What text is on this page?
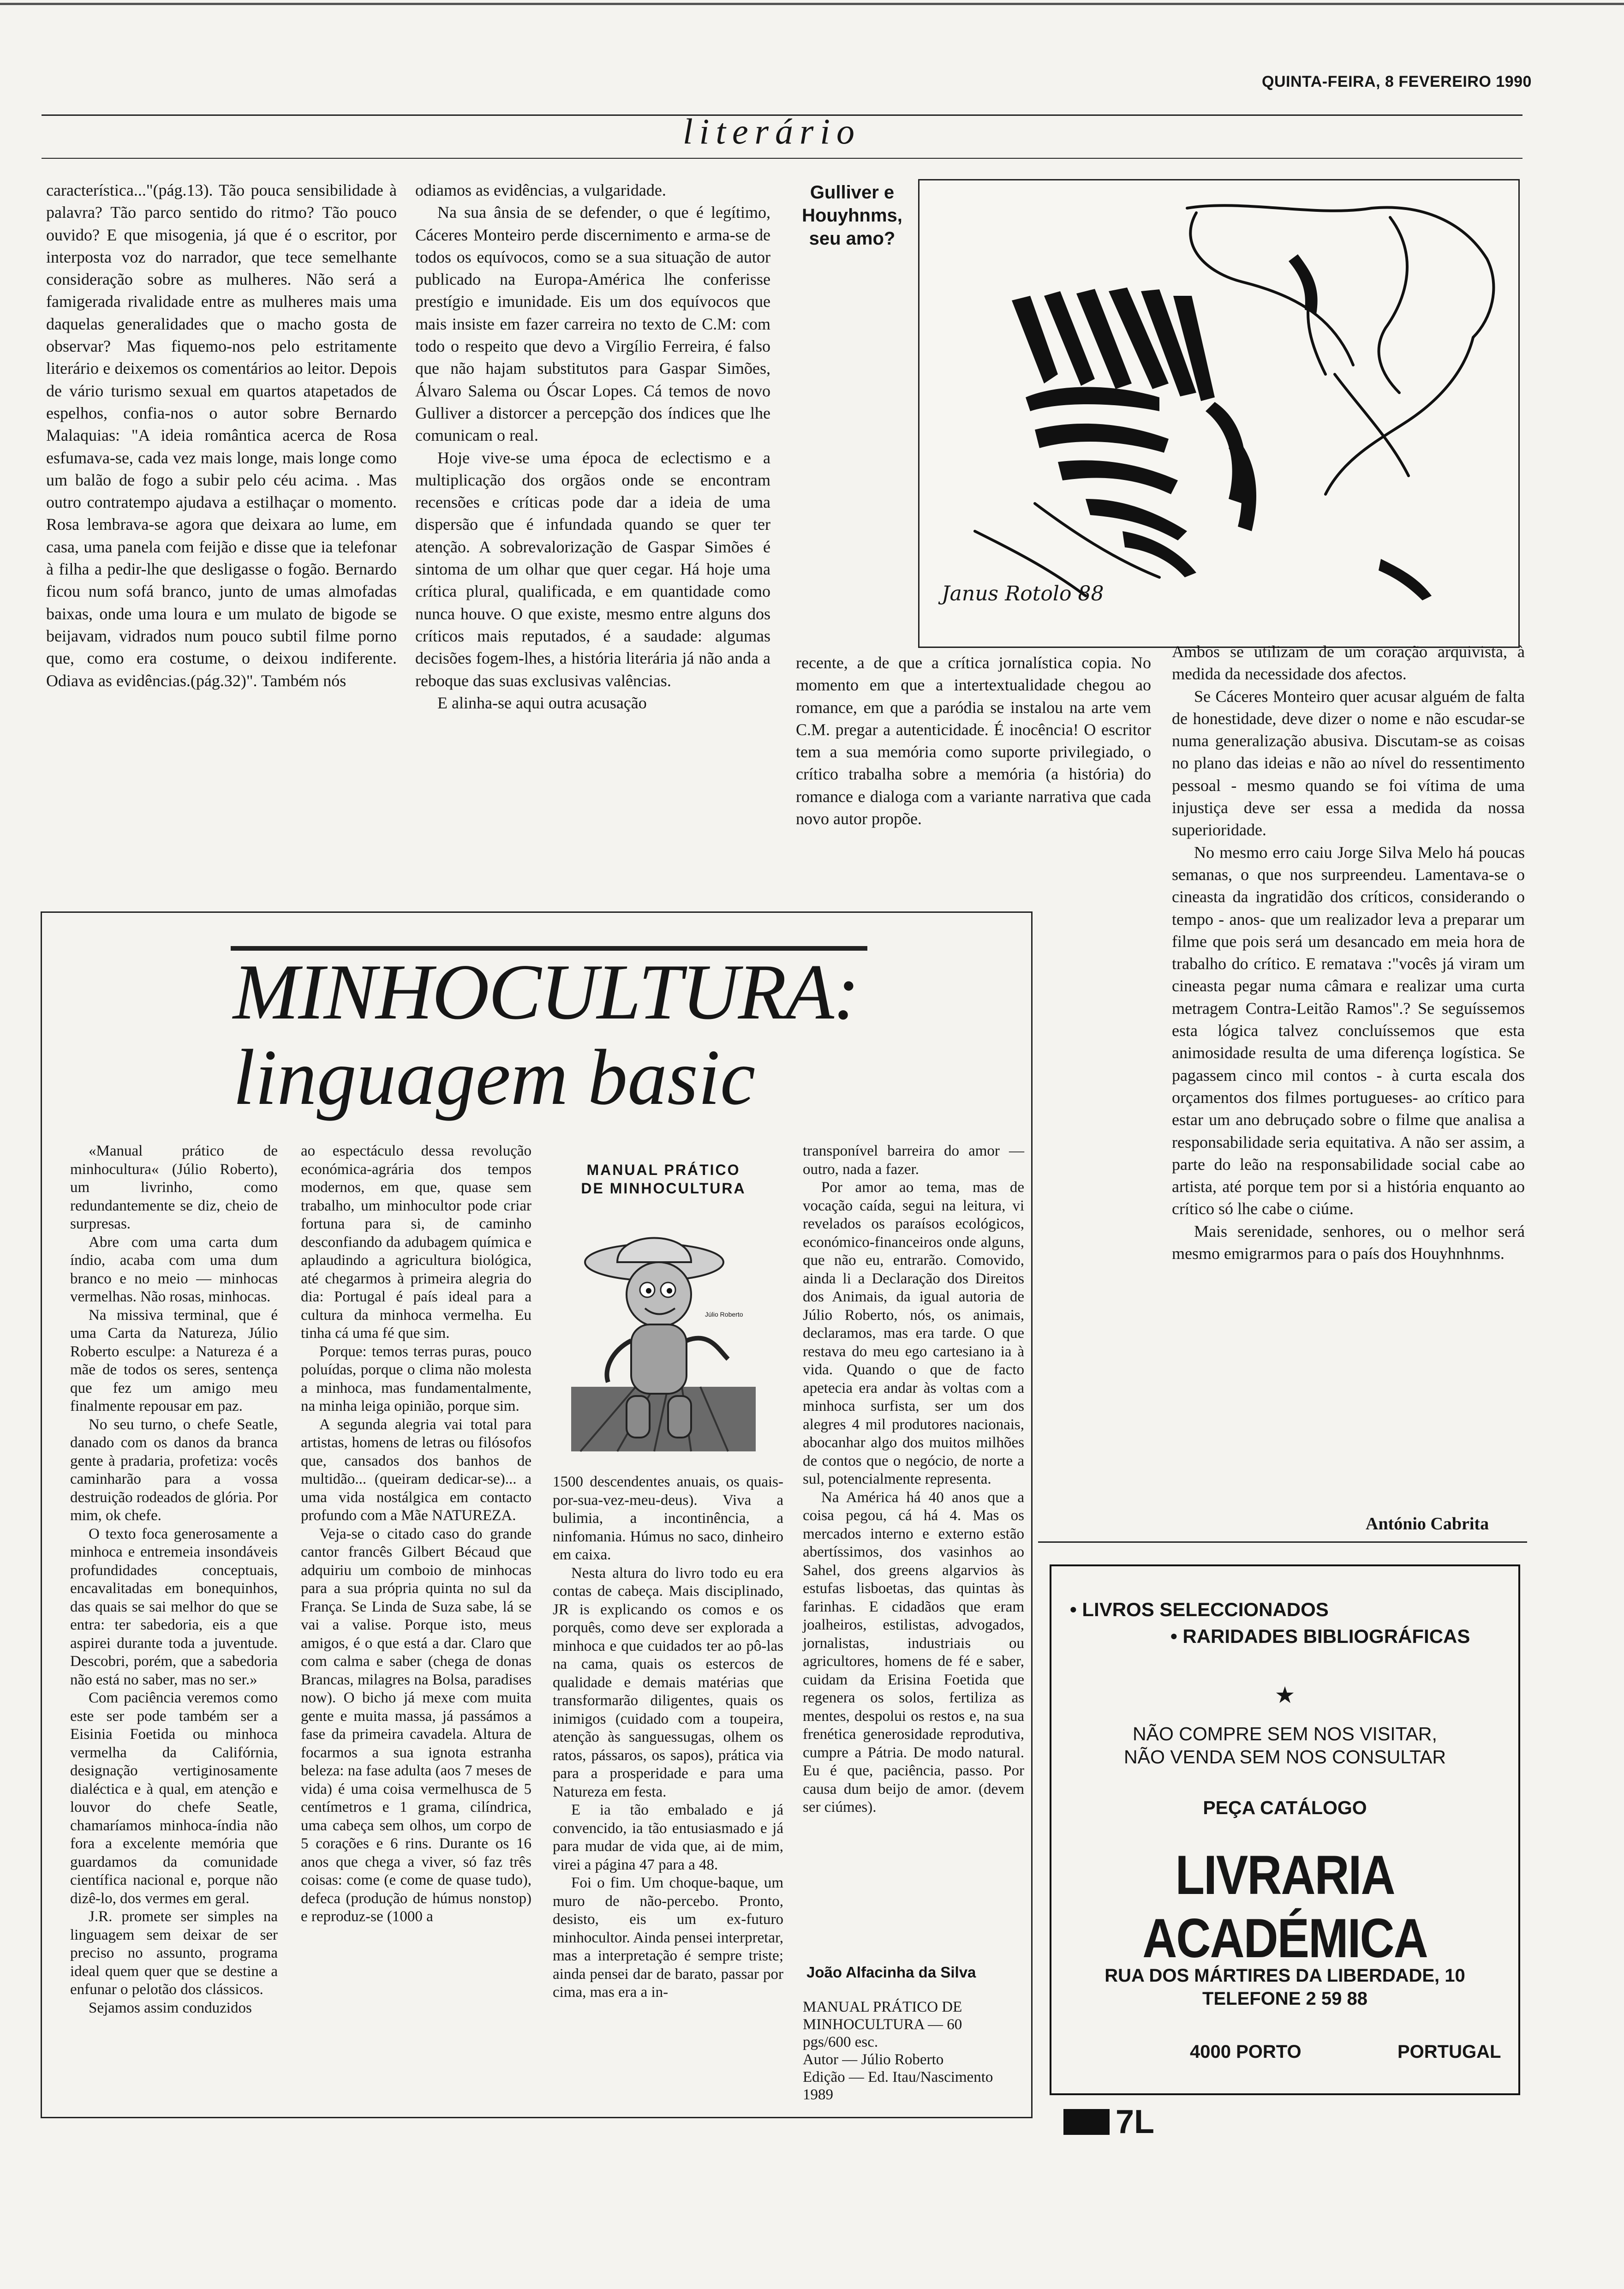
QUINTA-FEIRA, 8 FEVEREIRO 1990
literário

característica..."(pág.13). Tão pouca sensibilidade à palavra? Tão parco sentido do ritmo? Tão pouco ouvido? E que misogenia, já que é o escritor, por interposta voz do narrador, que tece semelhante consideração sobre as mulheres. Não será a famigerada rivalidade entre as mulheres mais uma daquelas generalidades que o macho gosta de observar? Mas fiquemo-nos pelo estritamente literário e deixemos os comentários ao leitor. Depois de vário turismo sexual em quartos atapetados de espelhos, confia-nos o autor sobre Bernardo Malaquias: "A ideia romântica acerca de Rosa esfumava-se, cada vez mais longe, mais longe como um balão de fogo a subir pelo céu acima. . Mas outro contratempo ajudava a estilhaçar o momento. Rosa lembrava-se agora que deixara ao lume, em casa, uma panela com feijão e disse que ia telefonar à filha a pedir-lhe que desligasse o fogão. Bernardo ficou num sofá branco, junto de umas almofadas baixas, onde uma loura e um mulato de bigode se beijavam, vidrados num pouco subtil filme porno que, como era costume, o deixou indiferente. Odiava as evidências.(pág.32)". Também nós

odiamos as evidências, a vulgaridade.

Na sua ânsia de se defender, o que é legítimo, Cáceres Monteiro perde discernimento e arma-se de todos os equívocos, como se a sua situação de autor publicado na Europa-América lhe conferisse prestígio e imunidade. Eis um dos equívocos que mais insiste em fazer carreira no texto de C.M: com todo o respeito que devo a Virgílio Ferreira, é falso que não hajam substitutos para Gaspar Simões, Álvaro Salema ou Óscar Lopes. Cá temos de novo Gulliver a distorcer a percepção dos índices que lhe comunicam o real.

Hoje vive-se uma época de eclectismo e a multiplicação dos orgãos onde se encontram recensões e críticas pode dar a ideia de uma dispersão que é infundada quando se quer ter atenção. A sobrevalorização de Gaspar Simões é sintoma de um olhar que quer cegar. Há hoje uma crítica plural, qualificada, e em quantidade como nunca houve. O que existe, mesmo entre alguns dos críticos mais reputados, é a saudade: algumas decisões fogem-lhes, a história literária já não anda a reboque das suas exclusivas valências.

E alinha-se aqui outra acusação

Gulliver e Houyhnms, seu amo?
Janus Rotolo 88

recente, a de que a crítica jornalística copia. No momento em que a intertextualidade chegou ao romance, em que a paródia se instalou na arte vem C.M. pregar a autenticidade. É inocência! O escritor tem a sua memória como suporte privilegiado, o crítico trabalha sobre a memória (a história) do romance e dialoga com a variante narrativa que cada novo autor propõe.

Ambos se utilizam de um coração arquivista, à medida da necessidade dos afectos.

Se Cáceres Monteiro quer acusar alguém de falta de honestidade, deve dizer o nome e não escudar-se numa generalização abusiva. Discutam-se as coisas no plano das ideias e não ao nível do ressentimento pessoal - mesmo quando se foi vítima de uma injustiça deve ser essa a medida da nossa superioridade.

No mesmo erro caiu Jorge Silva Melo há poucas semanas, o que nos surpreendeu. Lamentava-se o cineasta da ingratidão dos críticos, considerando o tempo - anos- que um realizador leva a preparar um filme que pois será um desancado em meia hora de trabalho do crítico. E rematava :"vocês já viram um cineasta pegar numa câmara e realizar uma curta metragem Contra-Leitão Ramos".? Se seguíssemos esta lógica talvez concluíssemos que esta animosidade resulta de uma diferença logística. Se pagassem cinco mil contos - à curta escala dos orçamentos dos filmes portugueses- ao crítico para estar um ano debruçado sobre o filme que analisa a responsabilidade seria equitativa. A não ser assim, a parte do leão na responsabilidade social cabe ao artista, até porque tem por si a história enquanto ao crítico só lhe cabe o ciúme.

Mais serenidade, senhores, ou o melhor será mesmo emigrarmos para o país dos Houyhnhnms.

António Cabrita
MINHOCULTURA:
linguagem basic

«Manual prático de minhocultura« (Júlio Roberto), um livrinho, como redundantemente se diz, cheio de surpresas.

Abre com uma carta dum índio, acaba com uma dum branco e no meio — minhocas vermelhas. Não rosas, minhocas.

Na missiva terminal, que é uma Carta da Natureza, Júlio Roberto esculpe: a Natureza é a mãe de todos os seres, sentença que fez um amigo meu finalmente repousar em paz.

No seu turno, o chefe Seatle, danado com os danos da branca gente à pradaria, profetiza: vocês caminharão para a vossa destruição rodeados de glória. Por mim, ok chefe.

O texto foca generosamente a minhoca e entremeia insondáveis profundidades conceptuais, encavalitadas em bonequinhos, das quais se sai melhor do que se entra: ter sabedoria, eis a que aspirei durante toda a juventude. Descobri, porém, que a sabedoria não está no saber, mas no ser.»

Com paciência veremos como este ser pode também ser a Eisinia Foetida ou minhoca vermelha da Califórnia, designação vertiginosamente dialéctica e à qual, em atenção e louvor do chefe Seatle, chamaríamos minhoca-índia não fora a excelente memória que guardamos da comunidade científica nacional e, porque não dizê-lo, dos vermes em geral.

J.R. promete ser simples na linguagem sem deixar de ser preciso no assunto, programa ideal quem quer que se destine a enfunar o pelotão dos clássicos.

Sejamos assim conduzidos

ao espectáculo dessa revolução económica-agrária dos tempos modernos, em que, quase sem trabalho, um minhocultor pode criar fortuna para si, de caminho desconfiando da adubagem química e aplaudindo a agricultura biológica, até chegarmos à primeira alegria do dia: Portugal é país ideal para a cultura da minhoca vermelha. Eu tinha cá uma fé que sim.

Porque: temos terras puras, pouco poluídas, porque o clima não molesta a minhoca, mas fundamentalmente, na minha leiga opinião, porque sim.

A segunda alegria vai total para artistas, homens de letras ou filósofos que, cansados dos banhos de multidão... (queiram dedicar-se)... a uma vida nostálgica em contacto profundo com a Mãe NATUREZA.

Veja-se o citado caso do grande cantor francês Gilbert Bécaud que adquiriu um comboio de minhocas para a sua própria quinta no sul da França. Se Linda de Suza sabe, lá se vai a valise. Porque isto, meus amigos, é o que está a dar. Claro que com calma e saber (chega de donas Brancas, milagres na Bolsa, paradises now). O bicho já mexe com muita gente e muita massa, já passámos a fase da primeira cavadela. Altura de focarmos a sua ignota estranha beleza: na fase adulta (aos 7 meses de vida) é uma coisa vermelhusca de 5 centímetros e 1 grama, cilíndrica, uma cabeça sem olhos, um corpo de 5 corações e 6 rins. Durante os 16 anos que chega a viver, só faz três coisas: come (e come de quase tudo), defeca (produção de húmus nonstop) e reproduz-se (1000 a

MANUAL PRÁTICO DE MINHOCULTURA
Júlio Roberto

1500 descendentes anuais, os quais-por-sua-vez-meu-deus). Viva a bulimia, a incontinência, a ninfomania. Húmus no saco, dinheiro em caixa.

Nesta altura do livro todo eu era contas de cabeça. Mais disciplinado, JR is explicando os comos e os porquês, como deve ser explorada a minhoca e que cuidados ter ao pô-las na cama, quais os estercos de qualidade e demais matérias que transformarão diligentes, quais os inimigos (cuidado com a toupeira, atenção às sanguessugas, olhem os ratos, pássaros, os sapos), prática via para a prosperidade e para uma Natureza em festa.

E ia tão embalado e já convencido, ia tão entusiasmado e já para mudar de vida que, ai de mim, virei a página 47 para a 48.

Foi o fim. Um choque-baque, um muro de não-percebo. Pronto, desisto, eis um ex-futuro minhocultor. Ainda pensei interpretar, mas a interpretação é sempre triste; ainda pensei dar de barato, passar por cima, mas era a in-

transponível barreira do amor — outro, nada a fazer.

Por amor ao tema, mas de vocação caída, segui na leitura, vi revelados os paraísos ecológicos, económico-financeiros onde alguns, que não eu, entrarão. Comovido, ainda li a Declaração dos Direitos dos Animais, da igual autoria de Júlio Roberto, nós, os animais, declaramos, mas era tarde. O que restava do meu ego cartesiano ia à vida. Quando o que de facto apetecia era andar às voltas com a minhoca surfista, ser um dos alegres 4 mil produtores nacionais, abocanhar algo dos muitos milhões de contos que o negócio, de norte a sul, potencialmente representa.

Na América há 40 anos que a coisa pegou, cá há 4. Mas os mercados interno e externo estão abertíssimos, dos vasinhos ao Sahel, dos greens algarvios às estufas lisboetas, das quintas às farinhas. E cidadãos que eram joalheiros, estilistas, advogados, jornalistas, industriais ou agricultores, homens de fé e saber, cuidam da Erisina Foetida que regenera os solos, fertiliza as mentes, despolui os restos e, na sua frenética generosidade reprodutiva, cumpre a Pátria. De modo natural. Eu é que, paciência, passo. Por causa dum beijo de amor. (devem ser ciúmes).

João Alfacinha da Silva
MANUAL PRÁTICO DE
MINHOCULTURA — 60
pgs/600 esc.
Autor — Júlio Roberto
Edição — Ed. Itau/Nascimento 1989
• LIVROS SELECCIONADOS
• RARIDADES BIBLIOGRÁFICAS
★
NÃO COMPRE SEM NOS VISITAR,
NÃO VENDA SEM NOS CONSULTAR
PEÇA CATÁLOGO
LIVRARIA ACADÉMICA
RUA DOS MÁRTIRES DA LIBERDADE, 10
TELEFONE 2 59 88
4000 PORTO	PORTUGAL
7L
